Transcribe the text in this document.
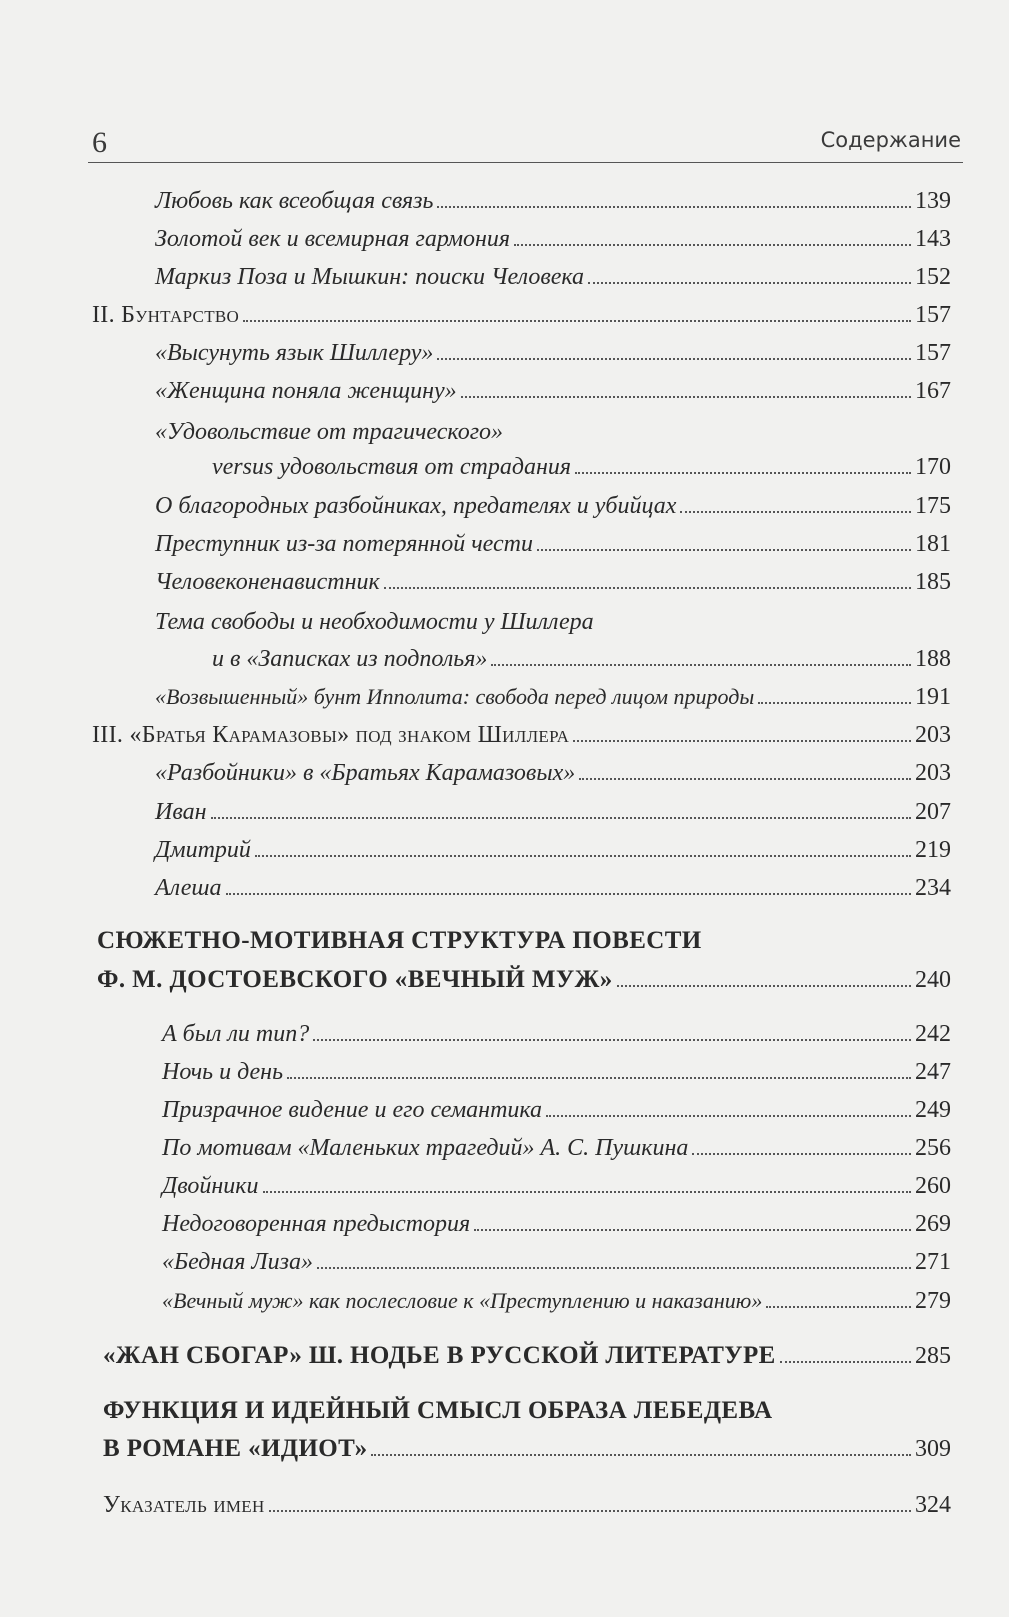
6	Содержание
Любовь как всеобщая связь	139
Золотой век и всемирная гармония	143
Маркиз Поза и Мышкин: поиски Человека	152
II. Бунтарство	157
«Высунуть язык Шиллеру»	157
«Женщина поняла женщину»	167
«Удовольствие от трагического»
versus удовольствия от страдания	170
О благородных разбойниках, предателях и убийцах	175
Преступник из-за потерянной чести	181
Человеконенавистник	185
Тема свободы и необходимости у Шиллера
и в «Записках из подполья»	188
«Возвышенный» бунт Ипполита: свобода перед лицом природы	191
III. «Братья Карамазовы» под знаком Шиллера	203
«Разбойники» в «Братьях Карамазовых»	203
Иван	207
Дмитрий	219
Алеша	234
СЮЖЕТНО-МОТИВНАЯ СТРУКТУРА ПОВЕСТИ
Ф. М. ДОСТОЕВСКОГО «ВЕЧНЫЙ МУЖ»	240
А был ли тип?	242
Ночь и день	247
Призрачное видение и его семантика	249
По мотивам «Маленьких трагедий» А. С. Пушкина	256
Двойники	260
Недоговоренная предыстория	269
«Бедная Лиза»	271
«Вечный муж» как послесловие к «Преступлению и наказанию»	279
«ЖАН СБОГАР» Ш. НОДЬЕ В РУССКОЙ ЛИТЕРАТУРЕ	285
ФУНКЦИЯ И ИДЕЙНЫЙ СМЫСЛ ОБРАЗА ЛЕБЕДЕВА
В РОМАНЕ «ИДИОТ»	309
Указатель имен	324
